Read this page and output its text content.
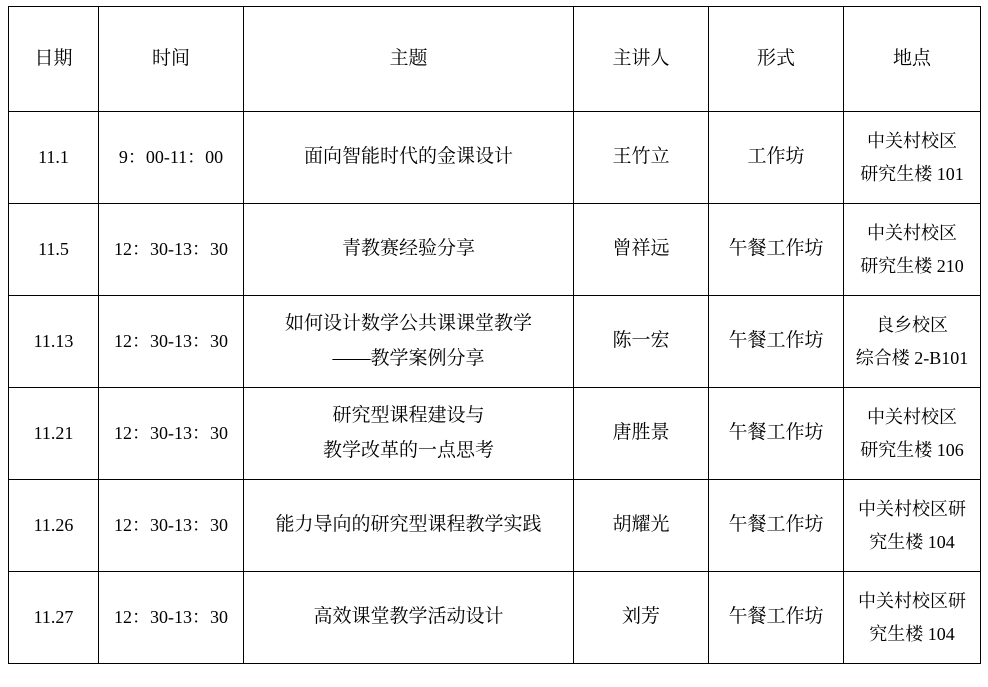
日期	时间	主题	主讲人	形式	地点
11.1	9：00-11：00	面向智能时代的金课设计	王竹立	工作坊	中关村校区
研究生楼 101

11.5	12：30-13：30	青教赛经验分享	曾祥远	午餐工作坊	中关村校区
研究生楼 210

11.13	12：30-13：30	如何设计数学公共课课堂教学
——教学案例分享	陈一宏	午餐工作坊	良乡校区
综合楼 2-B101

11.21	12：30-13：30	研究型课程建设与
教学改革的一点思考	唐胜景	午餐工作坊	中关村校区
研究生楼 106

11.26	12：30-13：30	能力导向的研究型课程教学实践	胡耀光	午餐工作坊	中关村校区研
究生楼 104

11.27	12：30-13：30	高效课堂教学活动设计	刘芳	午餐工作坊	中关村校区研
究生楼 104
